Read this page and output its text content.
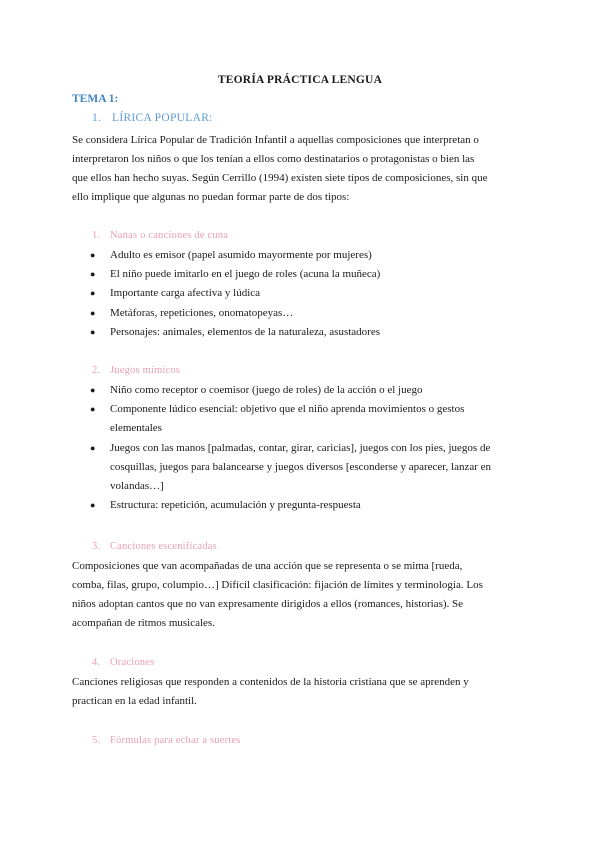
TEORÍA PRÁCTICA LENGUA
TEMA 1:
1. LÍRICA POPULAR:

Se considera Lírica Popular de Tradición Infantil a aquellas composiciones que interpretan o

interpretaron los niños o que los tenían a ellos como destinatarios o protagonistas o bien las

que ellos han hecho suyas. Según Cerrillo (1994) existen siete tipos de composiciones, sin que

ello implique que algunas no puedan formar parte de dos tipos:

1. Nanas o canciones de cuna
● Adulto es emisor (papel asumido mayormente por mujeres)
● El niño puede imitarlo en el juego de roles (acuna la muñeca)
● Importante carga afectiva y lúdica
● Metáforas, repeticiones, onomatopeyas…
● Personajes: animales, elementos de la naturaleza, asustadores
2. Juegos mímicos
● Niño como receptor o coemisor (juego de roles) de la acción o el juego
● Componente lúdico esencial: objetivo que el niño aprenda movimientos o gestos
elementales
● Juegos con las manos [palmadas, contar, girar, caricias], juegos con los pies, juegos de
cosquillas, juegos para balancearse y juegos diversos [esconderse y aparecer, lanzar en
volandas…]
● Estructura: repetición, acumulación y pregunta-respuesta
3. Canciones escenificadas

Composiciones que van acompañadas de una acción que se representa o se mima [rueda,

comba, filas, grupo, columpio…] Difícil clasificación: fijación de límites y terminología. Los

niños adoptan cantos que no van expresamente dirigidos a ellos (romances, historias). Se

acompañan de ritmos musicales.

4. Oraciones

Canciones religiosas que responden a contenidos de la historia cristiana que se aprenden y

practican en la edad infantil.

5. Fórmulas para echar a suertes
